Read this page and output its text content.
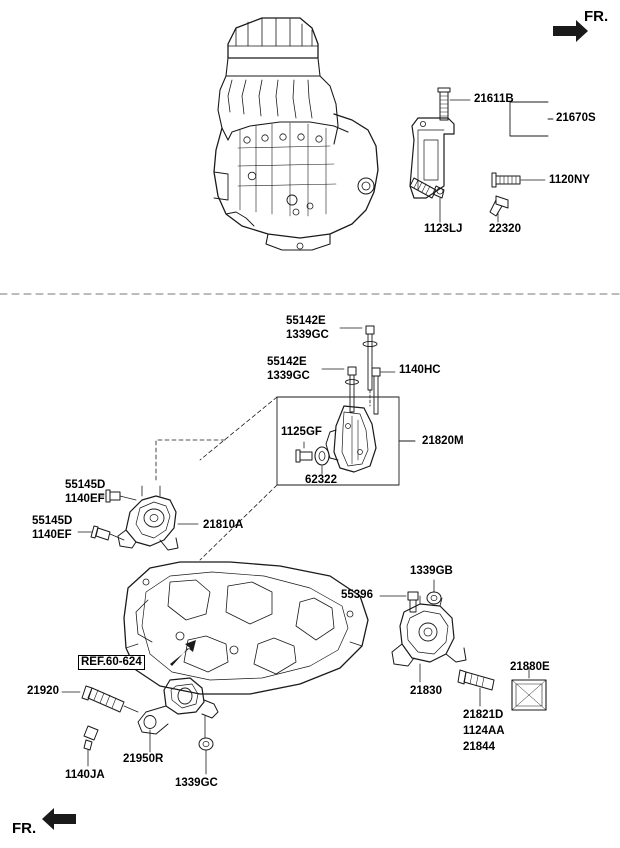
FR.
FR.
REF.60-624
21611B
21670S
1120NY
22320
1123LJ
55142E
1339GC
55142E
1339GC	1140HC
1125GF
21820M
62322
55145D
1140EF
55145D
1140EF
21810A
1339GB
55396
21880E
21830
21920
21821D
1124AA
21844
21950R
1140JA
1339GC
